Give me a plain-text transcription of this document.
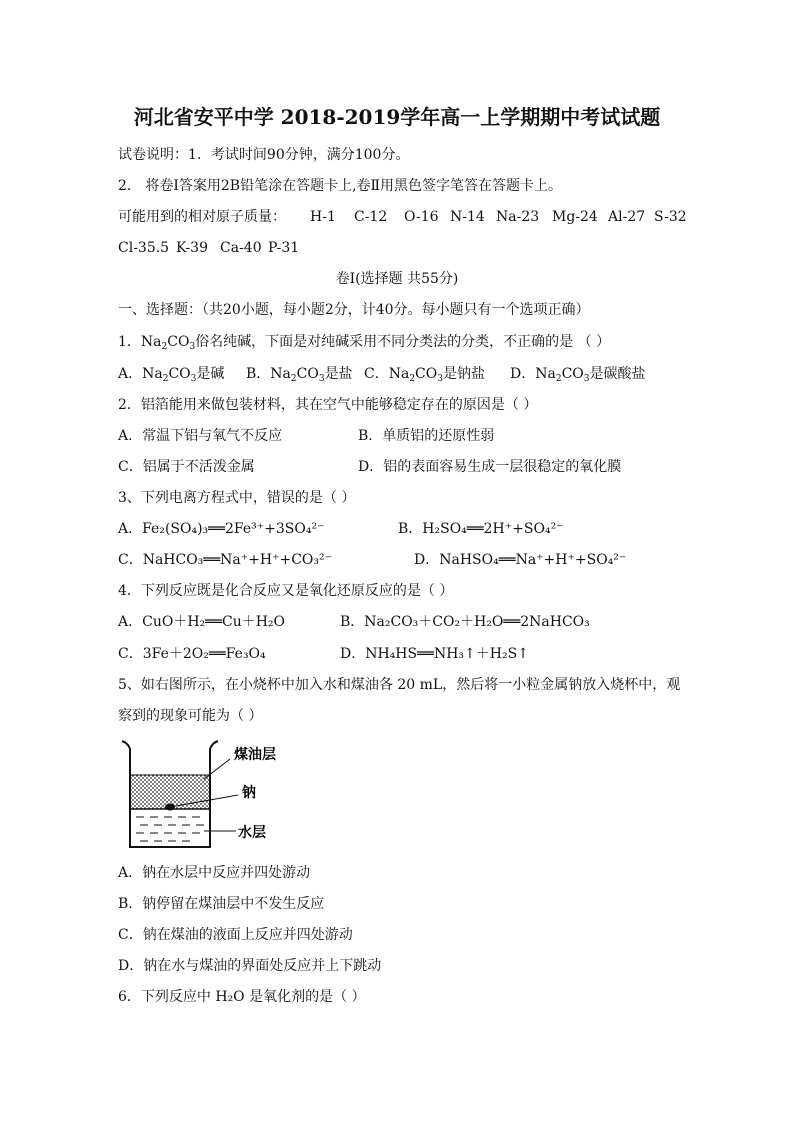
河北省安平中学 2018-2019学年高一上学期期中考试试题
试卷说明：1．考试时间90分钟，满分100分。
2． 将卷Ⅰ答案用2B铅笔涂在答题卡上,卷Ⅱ用黑色签字笔答在答题卡上。
可能用到的相对原子质量： H-1 C-12 O-16 N-14 Na-23 Mg-24 Al-27 S-32
Cl-35.5 K-39 Ca-40 P-31
卷Ⅰ(选择题 共55分)
一、选择题：（共20小题，每小题2分，计40分。每小题只有一个选项正确）
1．$Na_2CO_3$俗名纯碱，下面是对纯碱采用不同分类法的分类，不正确的是 （ ）
A．$Na_2CO_3$是碱 B．$Na_2CO_3$是盐 C．$Na_2CO_3$是钠盐 D．$Na_2CO_3$是碳酸盐
2．铝箔能用来做包装材料，其在空气中能够稳定存在的原因是（ ）
A．常温下铝与氧气不反应	B．单质铝的还原性弱
C．铝属于不活泼金属	D．铝的表面容易生成一层很稳定的氧化膜
3、下列电离方程式中，错误的是（ ）
A．Fe₂(SO₄)₃══2Fe³⁺+3SO₄²⁻	B．H₂SO₄══2H⁺+SO₄²⁻
C．NaHCO₃══Na⁺+H⁺+CO₃²⁻	D．NaHSO₄══Na⁺+H⁺+SO₄²⁻
4．下列反应既是化合反应又是氧化还原反应的是（ ）
A．CuO＋H₂══Cu＋H₂O	B．Na₂CO₃＋CO₂＋H₂O══2NaHCO₃
C．3Fe＋2O₂══Fe₃O₄	D．NH₄HS══NH₃↑＋H₂S↑
5、如右图所示，在小烧杯中加入水和煤油各 20 mL，然后将一小粒金属钠放入烧杯中，观
察到的现象可能为（ ）
煤油层
钠
水层
A．钠在水层中反应并四处游动
B．钠停留在煤油层中不发生反应
C．钠在煤油的液面上反应并四处游动
D．钠在水与煤油的界面处反应并上下跳动
6．下列反应中 H₂O 是氧化剂的是（ ）
